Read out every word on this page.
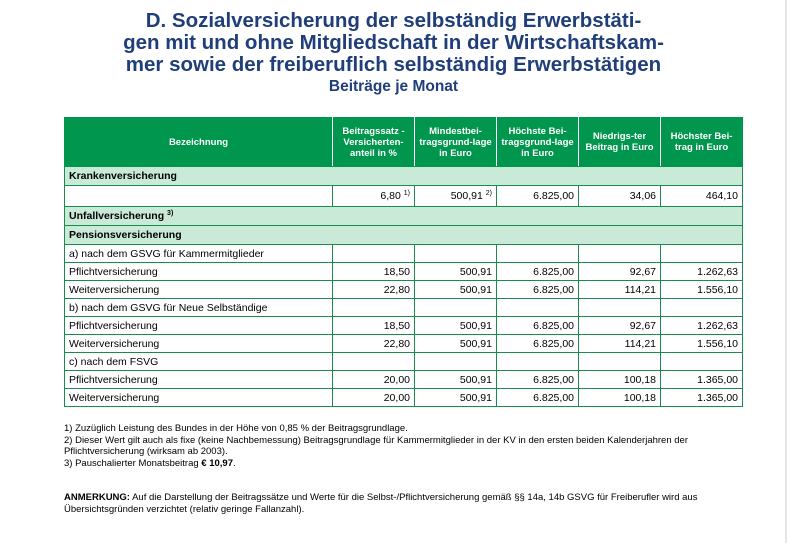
D. Sozialversicherung der selbständig Erwerbstäti-
gen mit und ohne Mitgliedschaft in der Wirtschaftskam-
mer sowie der freiberuflich selbständig Erwerbstätigen
Beiträge je Monat
Bezeichnung	Beitragssatz - Versicherten-anteil in %	Mindestbei-tragsgrund-lage in Euro	Höchste Bei-tragsgrund-lage in Euro	Niedrigs-ter Beitrag in Euro	Höchster Bei-trag in Euro
Krankenversicherung					
	6,80 $^{1)}$	500,91 $^{2)}$	6.825,00	34,06	464,10
Unfallversicherung $^{3)}$
Pensionsversicherung					
a) nach dem GSVG für Kammermitglieder					
Pflichtversicherung	18,50	500,91	6.825,00	92,67	1.262,63
Weiterversicherung	22,80	500,91	6.825,00	114,21	1.556,10
b) nach dem GSVG für Neue Selbständige					
Pflichtversicherung	18,50	500,91	6.825,00	92,67	1.262,63
Weiterversicherung	22,80	500,91	6.825,00	114,21	1.556,10
c) nach dem FSVG					
Pflichtversicherung	20,00	500,91	6.825,00	100,18	1.365,00
Weiterversicherung	20,00	500,91	6.825,00	100,18	1.365,00

1) Zuzüglich Leistung des Bundes in der Höhe von 0,85 % der Beitragsgrundlage.

2) Dieser Wert gilt auch als fixe (keine Nachbemessung) Beitragsgrundlage für Kammermitglieder in der KV in den ersten beiden Kalenderjahren der Pflichtversicherung (wirksam ab 2003).

3) Pauschalierter Monatsbeitrag € 10,97.

ANMERKUNG: Auf die Darstellung der Beitragssätze und Werte für die Selbst-/Pflichtversicherung gemäß §§ 14a, 14b GSVG für Freiberufler wird aus Übersichtsgründen verzichtet (relativ geringe Fallanzahl).
